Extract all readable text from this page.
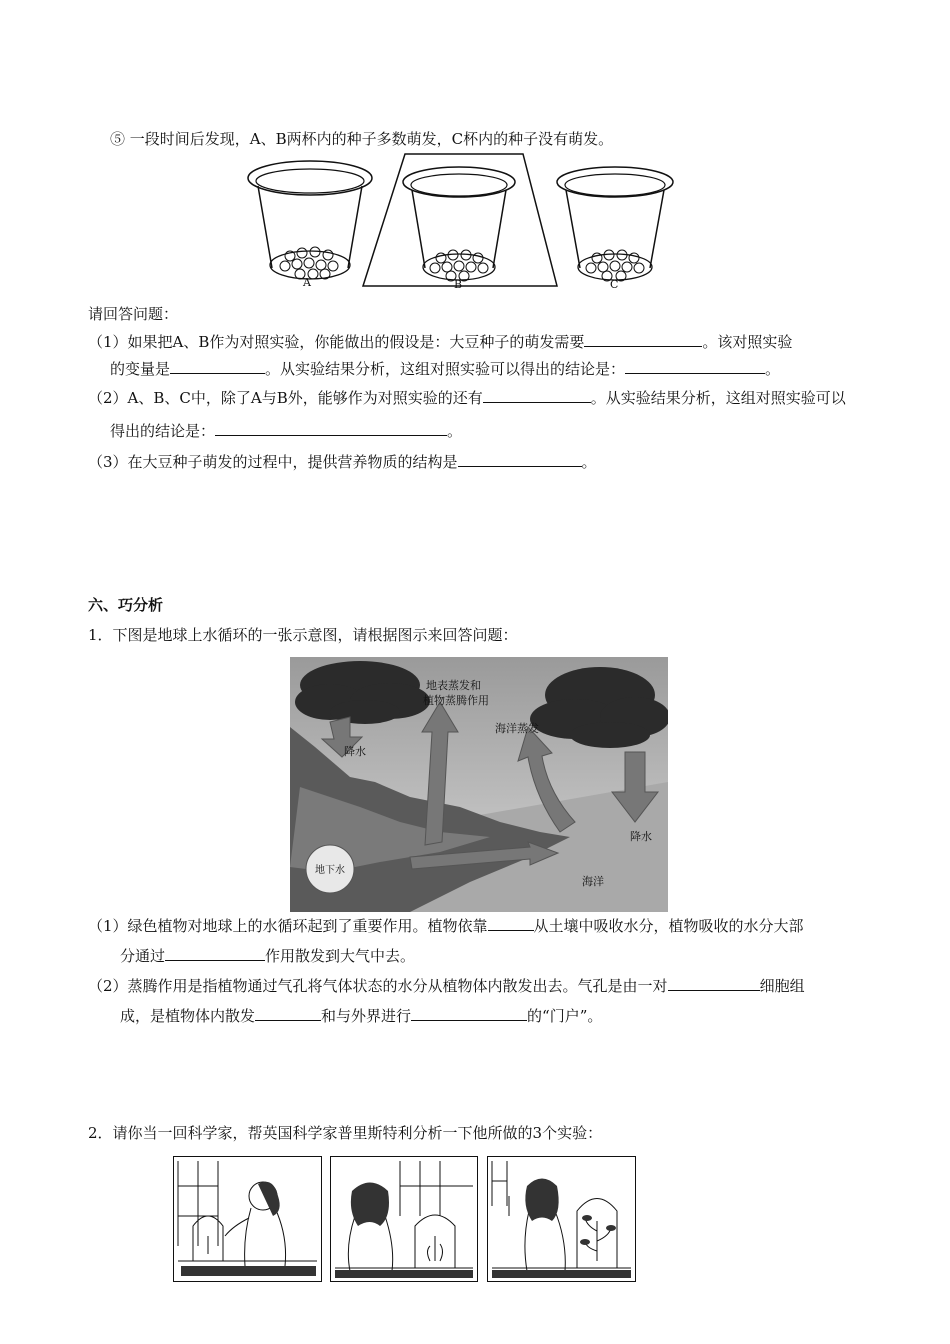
⑤ 一段时间后发现，A、B两杯内的种子多数萌发，C杯内的种子没有萌发。
A	B	C
请回答问题：
（1）如果把A、B作为对照实验，你能做出的假设是：大豆种子的萌发需要	。该对照实验
的变量是	。从实验结果分析，这组对照实验可以得出的结论是：	。
（2）A、B、C中，除了A与B外，能够作为对照实验的还有	。从实验结果分析，这组对照实验可以
得出的结论是：	。
（3）在大豆种子萌发的过程中，提供营养物质的结构是	。
六、巧分析
1．下图是地球上水循环的一张示意图，请根据图示来回答问题：
地表蒸发和
植物蒸腾作用
海洋蒸发
降水
降水
地下水
海洋
（1）绿色植物对地球上的水循环起到了重要作用。植物依靠	从土壤中吸收水分，植物吸收的水分大部
分通过	作用散发到大气中去。
（2）蒸腾作用是指植物通过气孔将气体状态的水分从植物体内散发出去。气孔是由一对	细胞组
成，是植物体内散发	和与外界进行	的“门户”。
2．请你当一回科学家，帮英国科学家普里斯特利分析一下他所做的3个实验：
